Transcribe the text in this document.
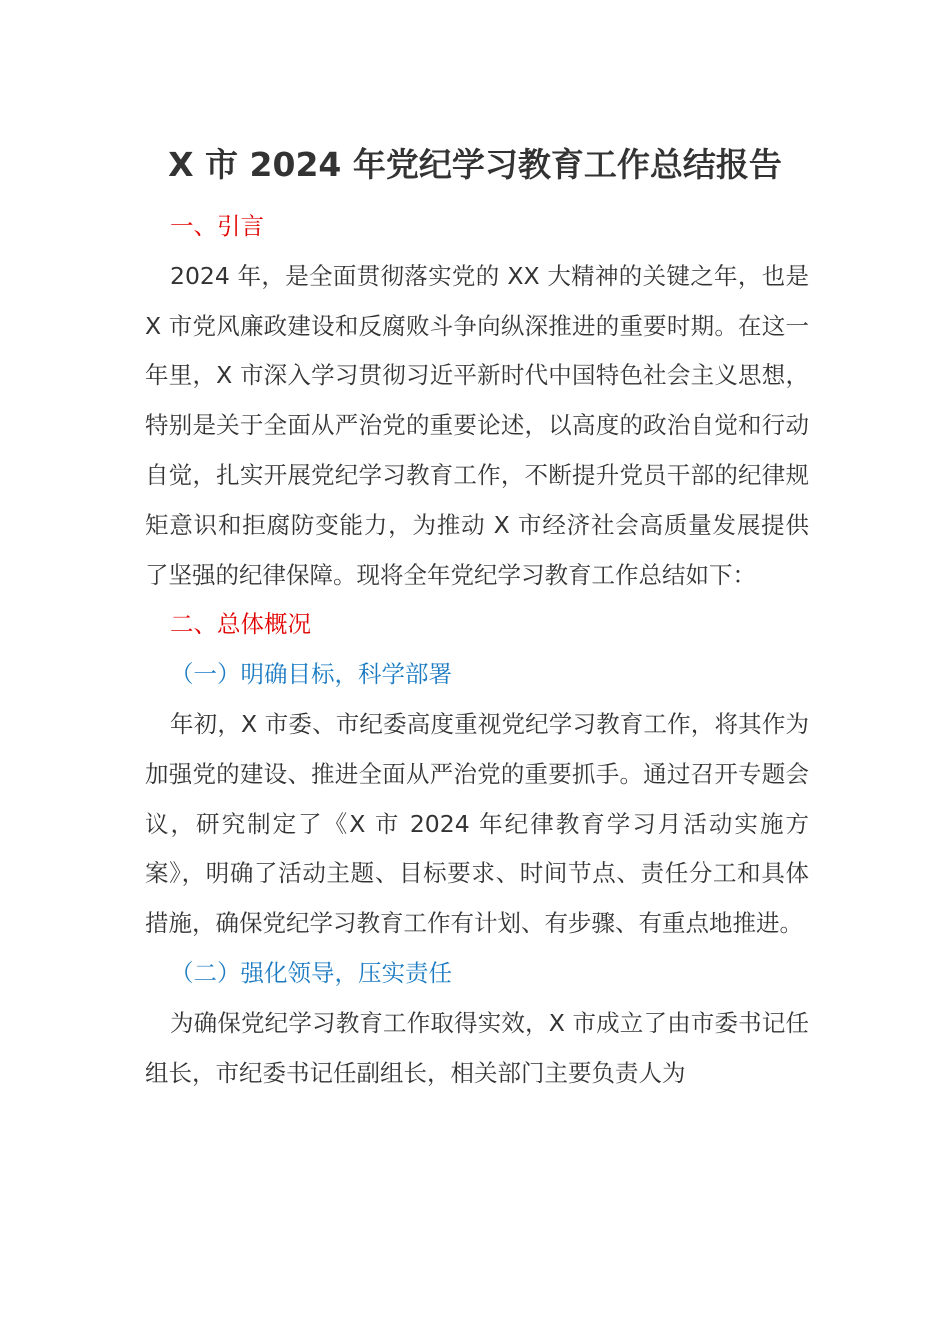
X 市 2024 年党纪学习教育工作总结报告

一、引言

2024 年，是全面贯彻落实党的 XX 大精神的关键之年，也是 X 市党风廉政建设和反腐败斗争向纵深推进的重要时期。在这一年里，X 市深入学习贯彻习近平新时代中国特色社会主义思想，特别是关于全面从严治党的重要论述，以高度的政治自觉和行动自觉，扎实开展党纪学习教育工作，不断提升党员干部的纪律规矩意识和拒腐防变能力，为推动 X 市经济社会高质量发展提供了坚强的纪律保障。现将全年党纪学习教育工作总结如下：

二、总体概况

（一）明确目标，科学部署

年初，X 市委、市纪委高度重视党纪学习教育工作，将其作为加强党的建设、推进全面从严治党的重要抓手。通过召开专题会议，研究制定了《X 市 2024 年纪律教育学习月活动实施方案》，明确了活动主题、目标要求、时间节点、责任分工和具体措施，确保党纪学习教育工作有计划、有步骤、有重点地推进。

（二）强化领导，压实责任

为确保党纪学习教育工作取得实效，X 市成立了由市委书记任组长，市纪委书记任副组长，相关部门主要负责人为
